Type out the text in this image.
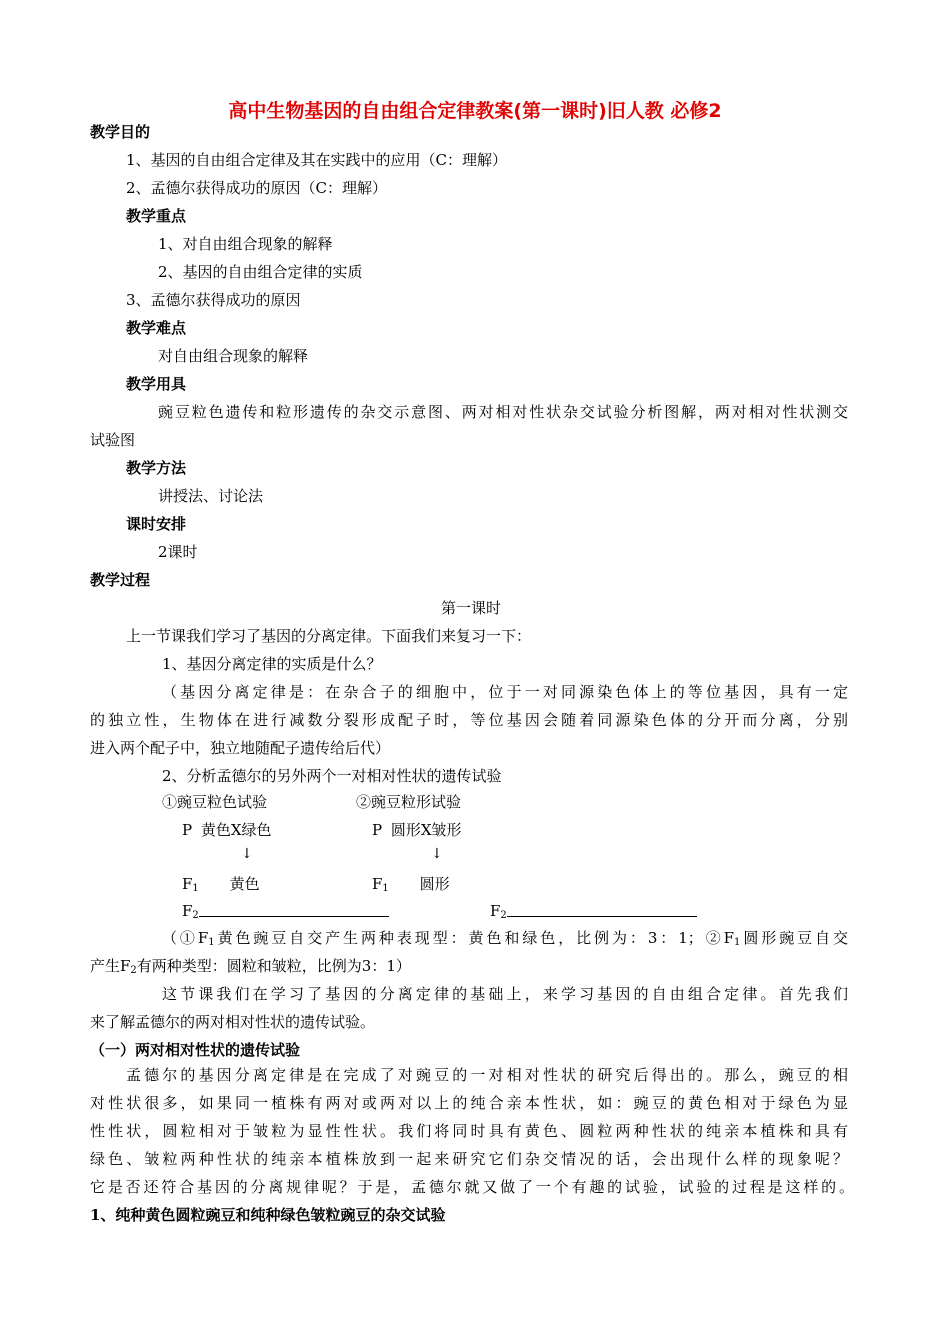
高中生物基因的自由组合定律教案(第一课时)旧人教 必修2
教学目的
1、基因的自由组合定律及其在实践中的应用（C：理解）
2、孟德尔获得成功的原因（C：理解）
教学重点
1、对自由组合现象的解释
2、基因的自由组合定律的实质
3、孟德尔获得成功的原因
教学难点
对自由组合现象的解释
教学用具
豌豆粒色遗传和粒形遗传的杂交示意图、两对相对性状杂交试验分析图解，两对相对性状测交
试验图
教学方法
讲授法、讨论法
课时安排
2课时
教学过程
第一课时
上一节课我们学习了基因的分离定律。下面我们来复习一下：
1、基因分离定律的实质是什么？
（基因分离定律是：在杂合子的细胞中，位于一对同源染色体上的等位基因，具有一定
的独立性，生物体在进行减数分裂形成配子时，等位基因会随着同源染色体的分开而分离，分别
进入两个配子中，独立地随配子遗传给后代）
2、分析孟德尔的另外两个一对相对性状的遗传试验
①豌豆粒色试验	②豌豆粒形试验
P 黄色X绿色	P 圆形X皱形
↓	↓
$F_1$ 黄色	$F_1$ 圆形
$F_2$	$F_2$
（$①F_1$黄色豌豆自交产生两种表现型：黄色和绿色，比例为：3：1；$②F_1$圆形豌豆自交
产生$F_2$有两种类型：圆粒和皱粒，比例为3：1）
这节课我们在学习了基因的分离定律的基础上，来学习基因的自由组合定律。首先我们
来了解孟德尔的两对相对性状的遗传试验。
（一）两对相对性状的遗传试验
孟德尔的基因分离定律是在完成了对豌豆的一对相对性状的研究后得出的。那么，豌豆的相
对性状很多，如果同一植株有两对或两对以上的纯合亲本性状，如：豌豆的黄色相对于绿色为显
性性状，圆粒相对于皱粒为显性性状。我们将同时具有黄色、圆粒两种性状的纯亲本植株和具有
绿色、皱粒两种性状的纯亲本植株放到一起来研究它们杂交情况的话，会出现什么样的现象呢？
它是否还符合基因的分离规律呢？于是，孟德尔就又做了一个有趣的试验，试验的过程是这样的。
1、纯种黄色圆粒豌豆和纯种绿色皱粒豌豆的杂交试验
